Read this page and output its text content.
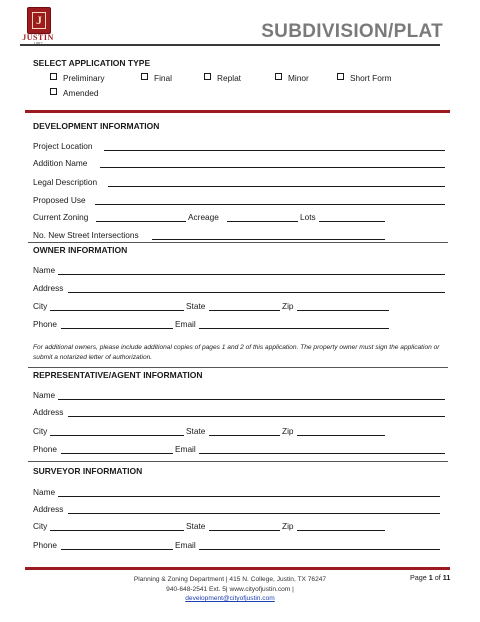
J
JUSTIN	SUBDIVISION/PLAT
SELECT APPLICATION TYPE
Preliminary	Final	Replat	Minor	Short Form
Amended
DEVELOPMENT INFORMATION
Project Location
Addition Name
Legal Description
Proposed Use
Current Zoning	Acreage	Lots
No. New Street Intersections
OWNER INFORMATION
Name
Address
City	State	Zip
Phone	Email
For additional owners, please include additional copies of pages 1 and 2 of this application. The property owner must sign the application or submit a notarized letter of authorization.
REPRESENTATIVE/AGENT INFORMATION
Name
Address
City	State	Zip
Phone	Email
SURVEYOR INFORMATION
Name
Address
City	State	Zip
Phone	Email
Planning & Zoning Department | 415 N. College, Justin, TX 76247
940-648-2541 Ext. 5| www.cityofjustin.com |
development@cityofjustin.com
Page 1 of 11
